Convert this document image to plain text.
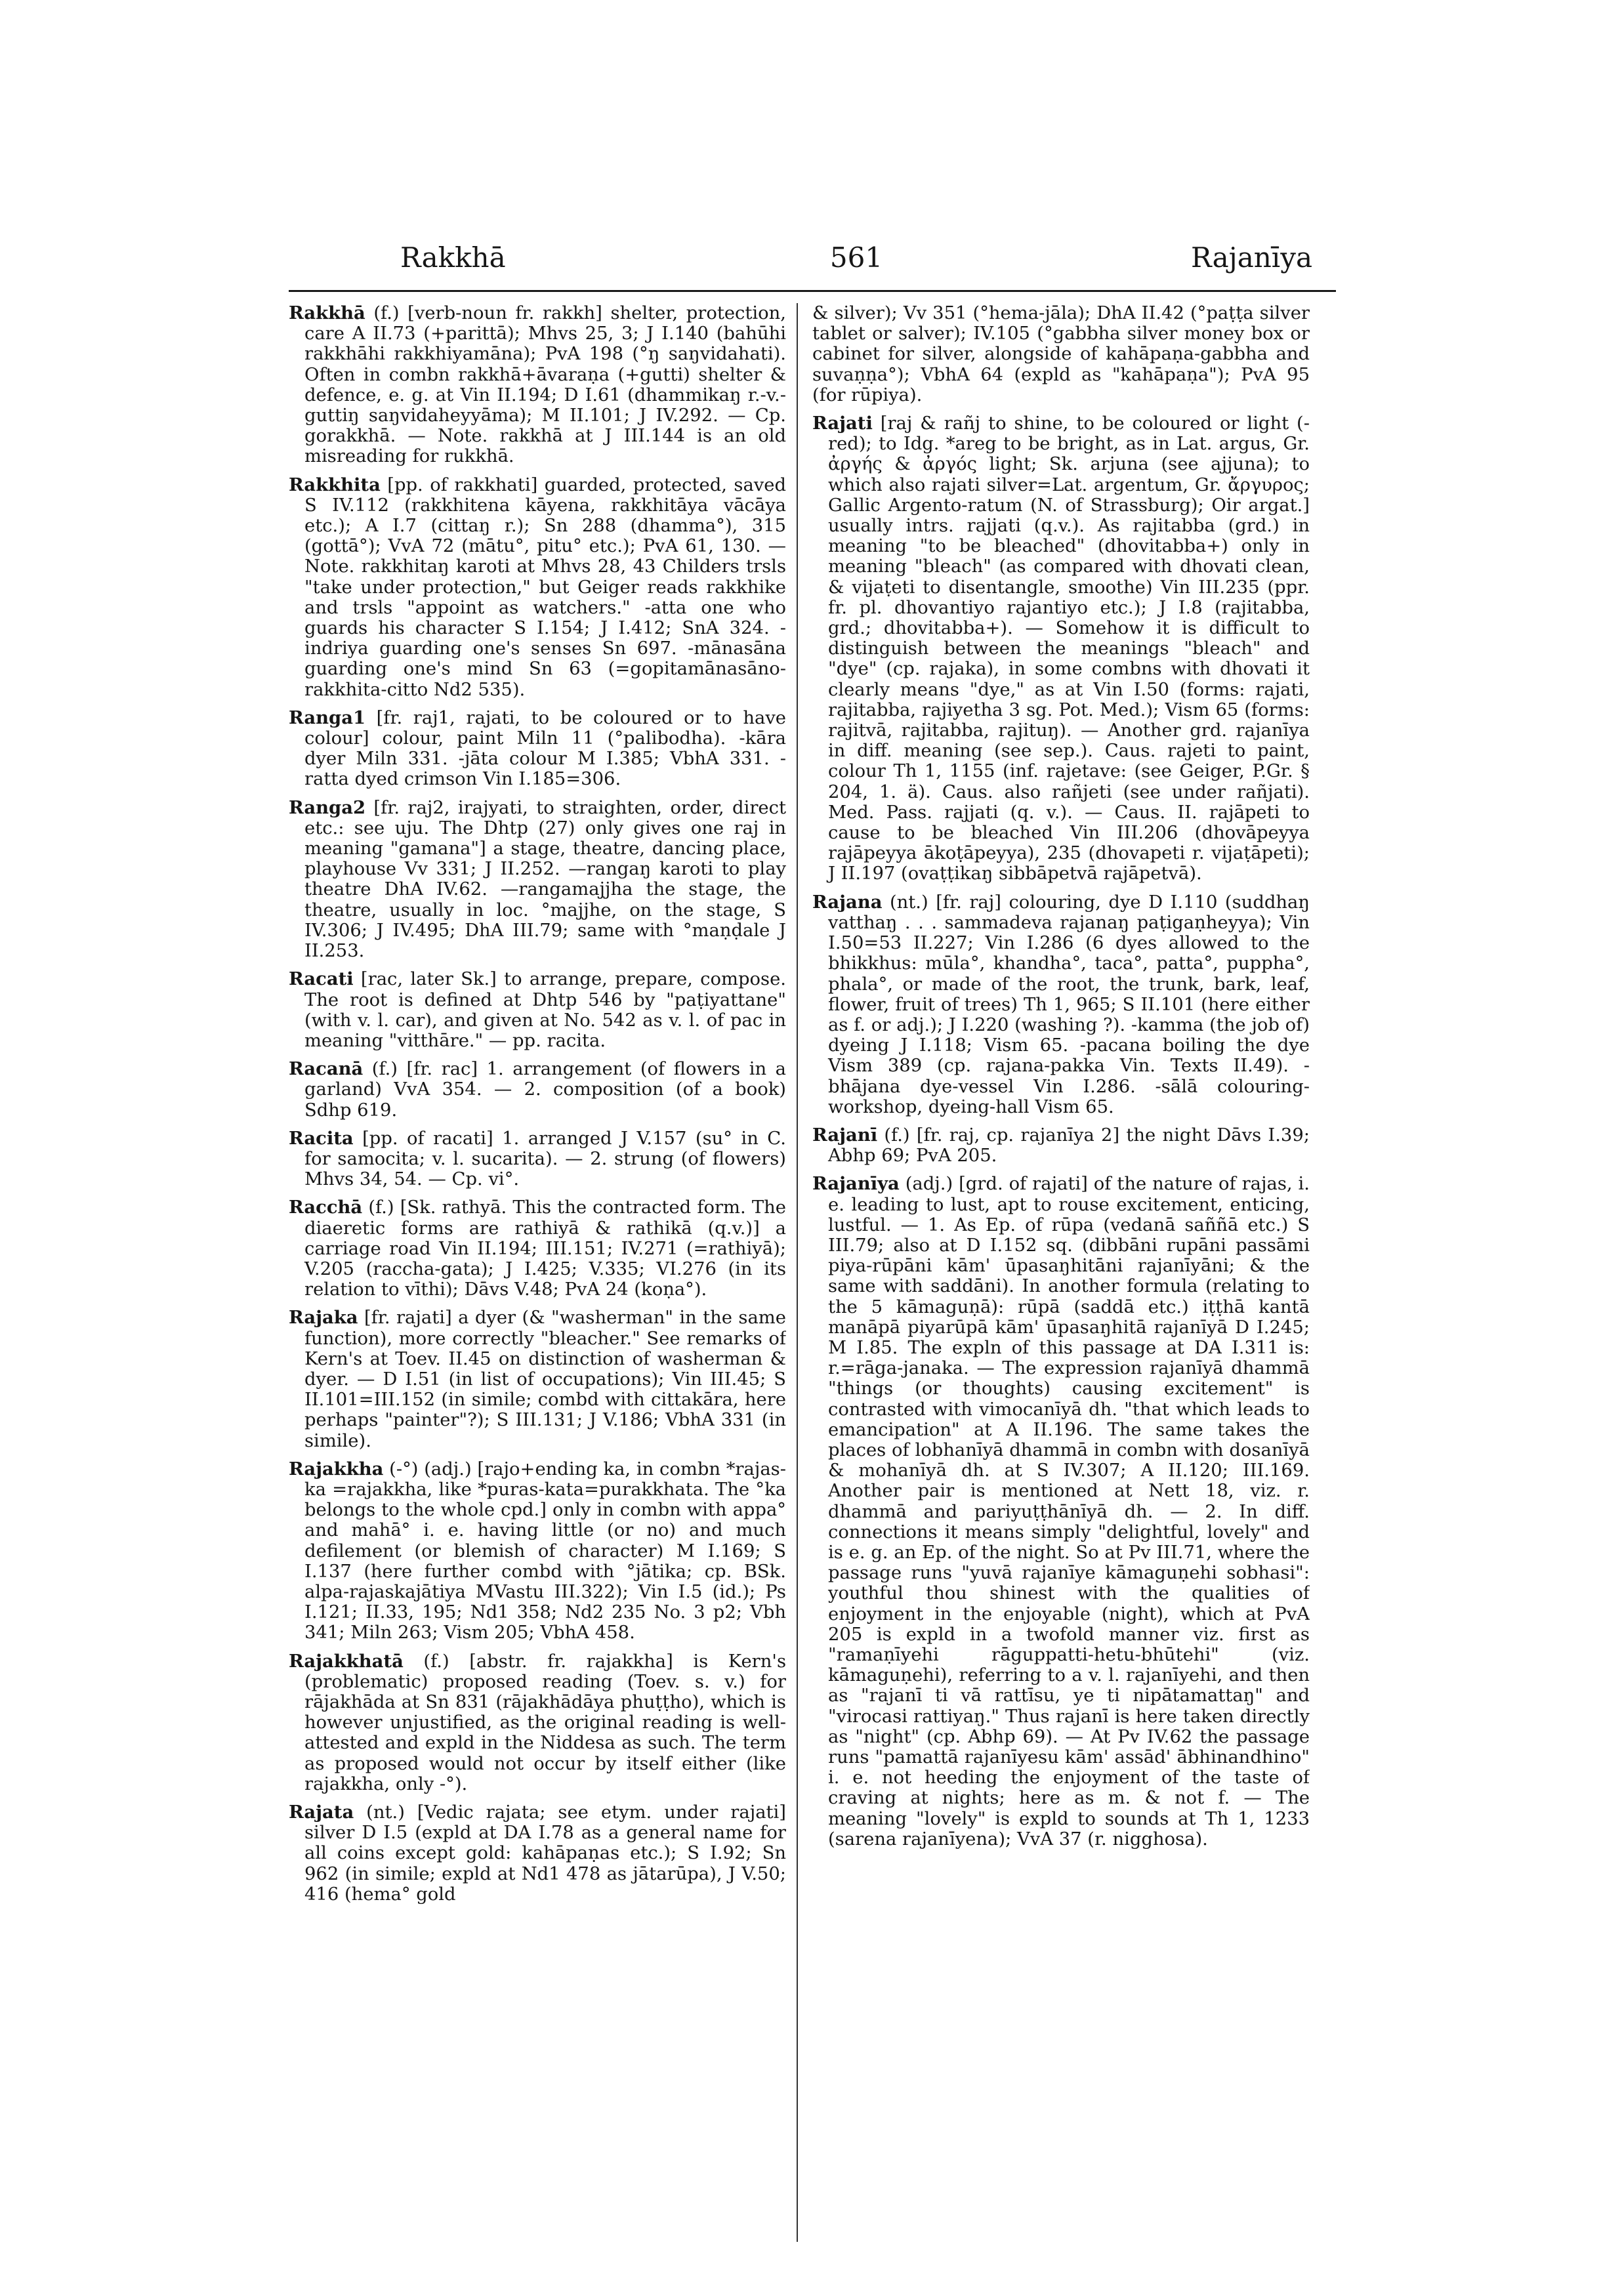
Rakkhā	561	Rajanīya

Rakkhā (f.) [verb-noun fr. rakkh] shelter, protection, care A II.73 (+parittā); Mhvs 25, 3; J I.140 (bahūhi rakkhāhi rakkhiyamāna); PvA 198 (°ŋ saŋvidahati). Often in combn rakkhā+āvaraṇa (+gutti) shelter & defence, e. g. at Vin II.194; D I.61 (dhammikaŋ r.-v.-guttiŋ saŋvidaheyyāma); M II.101; J IV.292. — Cp. gorakkhā. — Note. rakkhā at J III.144 is an old misreading for rukkhā.

Rakkhita [pp. of rakkhati] guarded, protected, saved S IV.112 (rakkhitena kāyena, rakkhitāya vācāya etc.); A I.7 (cittaŋ r.); Sn 288 (dhamma°), 315 (gottā°); VvA 72 (mātu°, pitu° etc.); PvA 61, 130. — Note. rakkhitaŋ karoti at Mhvs 28, 43 Childers trsls "take under protection," but Geiger reads rakkhike and trsls "appoint as watchers." -atta one who guards his character S I.154; J I.412; SnA 324. -indriya guarding one's senses Sn 697. -mānasāna guarding one's mind Sn 63 (=gopitamānasāno-rakkhita-citto Nd2 535).

Ranga1 [fr. raj1, rajati, to be coloured or to have colour] colour, paint Miln 11 (°palibodha). -kāra dyer Miln 331. -jāta colour M I.385; VbhA 331. -ratta dyed crimson Vin I.185=306.

Ranga2 [fr. raj2, irajyati, to straighten, order, direct etc.: see uju. The Dhtp (27) only gives one raj in meaning "gamana"] a stage, theatre, dancing place, playhouse Vv 331; J II.252. —rangaŋ karoti to play theatre DhA IV.62. —rangamajjha the stage, the theatre, usually in loc. °majjhe, on the stage, S IV.306; J IV.495; DhA III.79; same with °maṇḍale J II.253.

Racati [rac, later Sk.] to arrange, prepare, compose. The root is defined at Dhtp 546 by "paṭiyattane" (with v. l. car), and given at No. 542 as v. l. of pac in meaning "vitthāre." — pp. racita.

Racanā (f.) [fr. rac] 1. arrangement (of flowers in a garland) VvA 354. — 2. composition (of a book) Sdhp 619.

Racita [pp. of racati] 1. arranged J V.157 (su° in C. for samocita; v. l. sucarita). — 2. strung (of flowers) Mhvs 34, 54. — Cp. vi°.

Racchā (f.) [Sk. rathyā. This the contracted form. The diaeretic forms are rathiyā & rathikā (q.v.)] a carriage road Vin II.194; III.151; IV.271 (=rathiyā); V.205 (raccha-gata); J I.425; V.335; VI.276 (in its relation to vīthi); Dāvs V.48; PvA 24 (koṇa°).

Rajaka [fr. rajati] a dyer (& "washerman" in the same function), more correctly "bleacher." See remarks of Kern's at Toev. II.45 on distinction of washerman & dyer. — D I.51 (in list of occupations); Vin III.45; S II.101=III.152 (in simile; combd with cittakāra, here perhaps "painter"?); S III.131; J V.186; VbhA 331 (in simile).

Rajakkha (-°) (adj.) [rajo+ending ka, in combn *rajas-ka =rajakkha, like *puras-kata=purakkhata. The °ka belongs to the whole cpd.] only in combn with appa° and mahā° i. e. having little (or no) and much defilement (or blemish of character) M I.169; S I.137 (here further combd with °jātika; cp. BSk. alpa-rajaskajātiya MVastu III.322); Vin I.5 (id.); Ps I.121; II.33, 195; Nd1 358; Nd2 235 No. 3 p2; Vbh 341; Miln 263; Vism 205; VbhA 458.

Rajakkhatā (f.) [abstr. fr. rajakkha] is Kern's (problematic) proposed reading (Toev. s. v.) for rājakhāda at Sn 831 (rājakhādāya phuṭṭho), which is however unjustified, as the original reading is well-attested and expld in the Niddesa as such. The term as proposed would not occur by itself either (like rajakkha, only -°).

Rajata (nt.) [Vedic rajata; see etym. under rajati] silver D I.5 (expld at DA I.78 as a general name for all coins except gold: kahāpaṇas etc.); S I.92; Sn 962 (in simile; expld at Nd1 478 as jātarūpa), J V.50; 416 (hema° gold

& silver); Vv 351 (°hema-jāla); DhA II.42 (°paṭṭa silver tablet or salver); IV.105 (°gabbha silver money box or cabinet for silver, alongside of kahāpaṇa-gabbha and suvaṇṇa°); VbhA 64 (expld as "kahāpaṇa"); PvA 95 (for rūpiya).

Rajati [raj & rañj to shine, to be coloured or light (-red); to Idg. *areg to be bright, as in Lat. argus, Gr. ἀργής & ἀργός light; Sk. arjuna (see ajjuna); to which also rajati silver=Lat. argentum, Gr. ἄργυρος; Gallic Argento-ratum (N. of Strassburg); Oir argat.] usually intrs. rajjati (q.v.). As rajitabba (grd.) in meaning "to be bleached" (dhovitabba+) only in meaning "bleach" (as compared with dhovati clean, & vijaṭeti to disentangle, smoothe) Vin III.235 (ppr. fr. pl. dhovantiyo rajantiyo etc.); J I.8 (rajitabba, grd.; dhovitabba+). — Somehow it is difficult to distinguish between the meanings "bleach" and "dye" (cp. rajaka), in some combns with dhovati it clearly means "dye," as at Vin I.50 (forms: rajati, rajitabba, rajiyetha 3 sg. Pot. Med.); Vism 65 (forms: rajitvā, rajitabba, rajituŋ). — Another grd. rajanīya in diff. meaning (see sep.). Caus. rajeti to paint, colour Th 1, 1155 (inf. rajetave: (see Geiger, P.Gr. § 204, 1. ä). Caus. also rañjeti (see under rañjati). Med. Pass. rajjati (q. v.). — Caus. II. rajāpeti to cause to be bleached Vin III.206 (dhovāpeyya rajāpeyya ākoṭāpeyya), 235 (dhovapeti r. vijaṭāpeti); J II.197 (ovaṭṭikaŋ sibbāpetvā rajāpetvā).

Rajana (nt.) [fr. raj] colouring, dye D I.110 (suddhaŋ vatthaŋ . . . sammadeva rajanaŋ paṭigaṇheyya); Vin I.50=53 II.227; Vin I.286 (6 dyes allowed to the bhikkhus: mūla°, khandha°, taca°, patta°, puppha°, phala°, or made of the root, the trunk, bark, leaf, flower, fruit of trees) Th 1, 965; S II.101 (here either as f. or adj.); J I.220 (washing ?). -kamma (the job of) dyeing J I.118; Vism 65. -pacana boiling the dye Vism 389 (cp. rajana-pakka Vin. Texts II.49). -bhājana dye-vessel Vin I.286. -sālā colouring-workshop, dyeing-hall Vism 65.

Rajanī (f.) [fr. raj, cp. rajanīya 2] the night Dāvs I.39; Abhp 69; PvA 205.

Rajanīya (adj.) [grd. of rajati] of the nature of rajas, i. e. leading to lust, apt to rouse excitement, enticing, lustful. — 1. As Ep. of rūpa (vedanā saññā etc.) S III.79; also at D I.152 sq. (dibbāni rupāni passāmi piya-rūpāni kām' ūpasaŋhitāni rajanīyāni; & the same with saddāni). In another formula (relating to the 5 kāmaguṇā): rūpā (saddā etc.) iṭṭhā kantā manāpā piyarūpā kām' ūpasaŋhitā rajanīyā D I.245; M I.85. The expln of this passage at DA I.311 is: r.=rāga-janaka. — The expression rajanīyā dhammā "things (or thoughts) causing excitement" is contrasted with vimocanīyā dh. "that which leads to emancipation" at A II.196. The same takes the places of lobhanīyā dhammā in combn with dosanīyā & mohanīyā dh. at S IV.307; A II.120; III.169. Another pair is mentioned at Nett 18, viz. r. dhammā and pariyuṭṭhānīyā dh. — 2. In diff. connections it means simply "delightful, lovely" and is e. g. an Ep. of the night. So at Pv III.71, where the passage runs "yuvā rajanīye kāmaguṇehi sobhasi": youthful thou shinest with the qualities of enjoyment in the enjoyable (night), which at PvA 205 is expld in a twofold manner viz. first as "ramaṇīyehi rāguppatti-hetu-bhūtehi" (viz. kāmaguṇehi), referring to a v. l. rajanīyehi, and then as "rajanī ti vā rattīsu, ye ti nipātamattaŋ" and "virocasi rattiyaŋ." Thus rajanī is here taken directly as "night" (cp. Abhp 69). — At Pv IV.62 the passage runs "pamattā rajanīyesu kām' assād' ābhinandhino" i. e. not heeding the enjoyment of the taste of craving at nights; here as m. & not f. — The meaning "lovely" is expld to sounds at Th 1, 1233 (sarena rajanīyena); VvA 37 (r. nigghosa).
